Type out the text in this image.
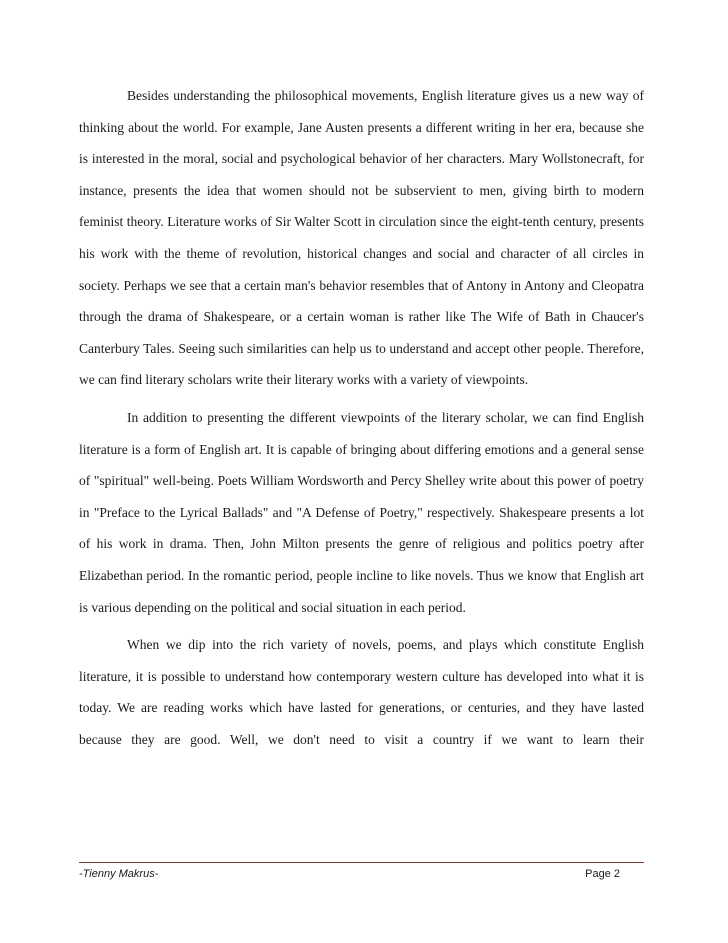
Besides understanding the philosophical movements, English literature gives us a new way of thinking about the world. For example, Jane Austen presents a different writing in her era, because she is interested in the moral, social and psychological behavior of her characters. Mary Wollstonecraft, for instance, presents the idea that women should not be subservient to men, giving birth to modern feminist theory. Literature works of Sir Walter Scott in circulation since the eight-tenth century, presents his work with the theme of revolution, historical changes and social and character of all circles in society. Perhaps we see that a certain man's behavior resembles that of Antony in Antony and Cleopatra through the drama of Shakespeare, or a certain woman is rather like The Wife of Bath in Chaucer's Canterbury Tales. Seeing such similarities can help us to understand and accept other people. Therefore, we can find literary scholars write their literary works with a variety of viewpoints.

In addition to presenting the different viewpoints of the literary scholar, we can find English literature is a form of English art. It is capable of bringing about differing emotions and a general sense of "spiritual" well-being. Poets William Wordsworth and Percy Shelley write about this power of poetry in "Preface to the Lyrical Ballads" and "A Defense of Poetry," respectively. Shakespeare presents a lot of his work in drama. Then, John Milton presents the genre of religious and politics poetry after Elizabethan period. In the romantic period, people incline to like novels. Thus we know that English art is various depending on the political and social situation in each period.

When we dip into the rich variety of novels, poems, and plays which constitute English literature, it is possible to understand how contemporary western culture has developed into what it is today. We are reading works which have lasted for generations, or centuries, and they have lasted because they are good. Well, we don't need to visit a country if we want to learn their

-Tienny Makrus-	Page 2
